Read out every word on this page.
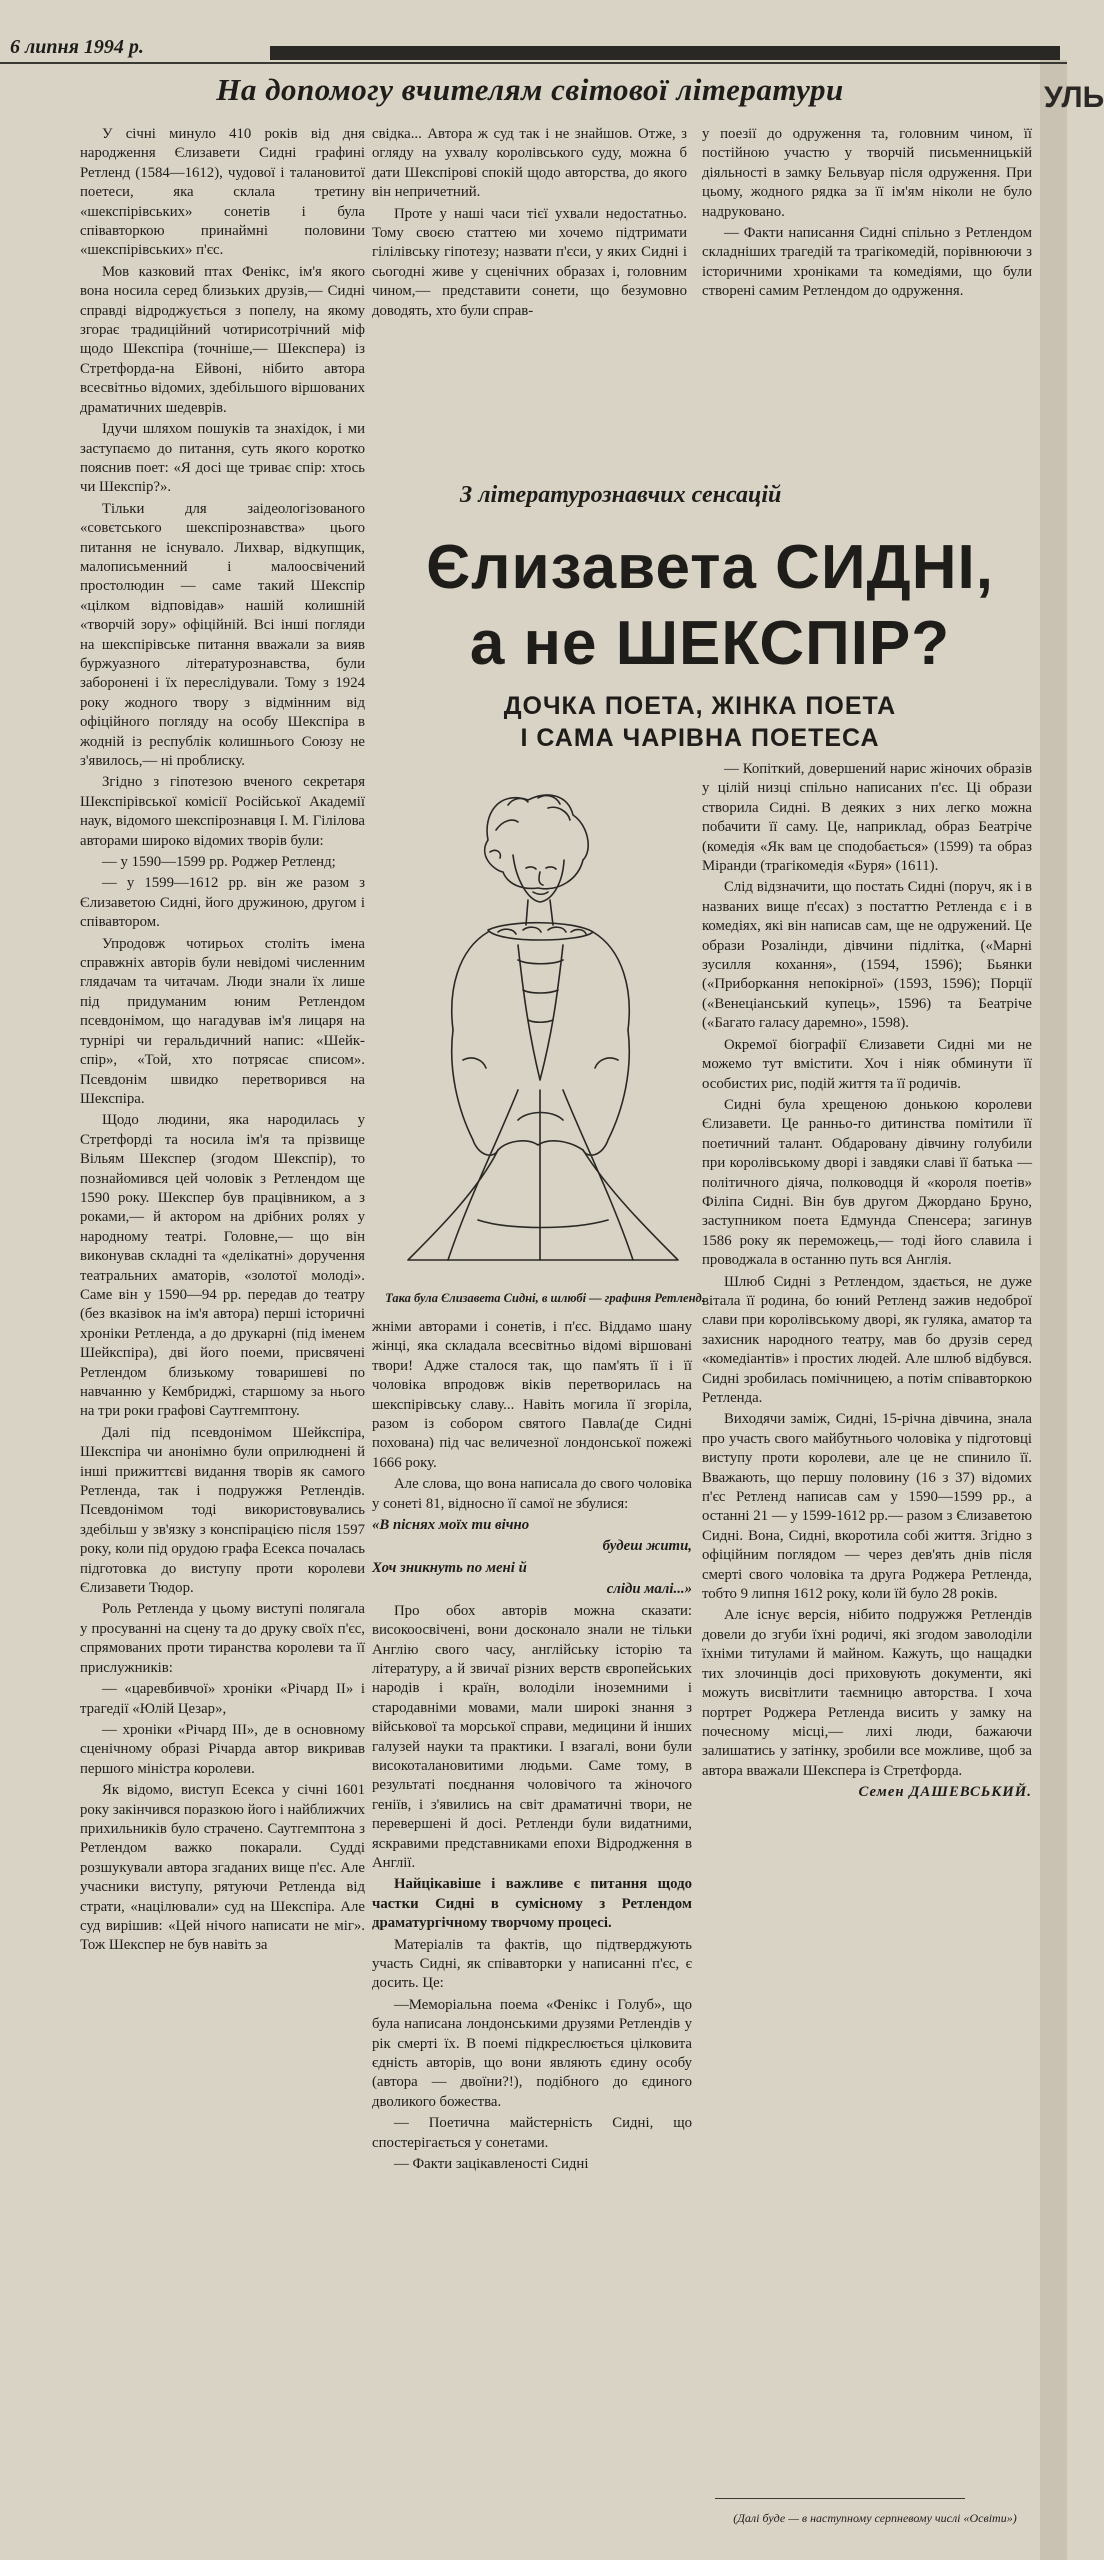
УЛЬ
6 липня 1994 р.
На допомогу вчителям світової літератури

У січні минуло 410 років від дня народження Єлизавети Сидні графині Ретленд (1584—1612), чудової і талановитої поетеси, яка склала третину «шекспірівських» сонетів і була співавторкою принаймні половини «шекспірівських» п'єс.

Мов казковий птах Фенікс, ім'я якого вона носила серед близьких друзів,— Сидні справді відроджується з попелу, на якому згорає традиційний чотирисотрічний міф щодо Шекспіра (точніше,— Шексперa) із Стретфорда-на Ейвоні, нібито автора всесвітньо відомих, здебільшого віршованих драматичних шедеврів.

Ідучи шляхом пошуків та знахідок, і ми заступаємо до питання, суть якого коротко пояснив поет: «Я досі ще триває спір: хтось чи Шекспір?».

Тільки для заідеологізованого «совєтського шекспірознавства» цього питання не існувало. Лихвар, відкупщик, малописьменний і малоосвічений простолюдин — саме такий Шекспір «цілком відповідав» нашій колишній «творчій зору» офіційній. Всі інші погляди на шекспірівське питання вважали за вияв буржуазного літературознавства, були заборонені і їх переслідували. Тому з 1924 року жодного твору з відмінним від офіційного погляду на особу Шекспіра в жодній із республік колишнього Союзу не з'явилось,— ні проблиску.

Згідно з гіпотезою вченого секретаря Шекспірівської комісії Російської Академії наук, відомого шекспірознавця І. М. Гілілова авторами широко відомих творів були:

— у 1590—1599 рр. Роджер Ретленд;

— у 1599—1612 рр. він же разом з Єлизаветою Сидні, його дружиною, другом і співавтором.

Упродовж чотирьох століть імена справжніх авторів були невідомі численним глядачам та читачам. Люди знали їх лише під придуманим юним Ретлендом псевдонімом, що нагадував ім'я лицаря на турнірі чи геральдичний напис: «Шейк-спір», «Той, хто потрясає списом». Псевдонім швидко перетворився на Шекспіра.

Щодо людини, яка народилась у Стретфорді та носила ім'я та прізвище Вільям Шекспер (згодом Шекспір), то познайомився цей чоловік з Ретлендом ще 1590 року. Шекспер був працівником, а з роками,— й актором на дрібних ролях у народному театрі. Головне,— що він виконував складні та «делікатні» доручення театральних аматорів, «золотої молоді». Саме він у 1590—94 рр. передав до театру (без вказівок на ім'я автора) перші історичні хроніки Ретленда, а до друкарні (під іменем Шейкспіра), дві його поеми, присвячені Ретлендом близькому товаришеві по навчанню у Кембриджі, старшому за нього на три роки графові Саутгемптону.

Далі під псевдонімом Шейкспіра, Шекспіра чи анонімно були оприлюднені й інші прижиттєві видання творів як самого Ретленда, так і подружжя Ретлендів. Псевдонімом тоді використовувались здебільш у зв'язку з конспірацією після 1597 року, коли під орудою графа Есекса почалась підготовка до виступу проти королеви Єлизавети Тюдор.

Роль Ретленда у цьому виступі полягала у просуванні на сцену та до друку своїх п'єс, спрямованих проти тиранства королеви та її прислужників:

— «царевбивчої» хроніки «Річард II» і трагедії «Юлій Цезар»,

— хроніки «Річард III», де в основному сценічному образі Річарда автор викривав першого міністра королеви.

Як відомо, виступ Есекса у січні 1601 року закінчився поразкою його і найближчих прихильників було страчено. Саутгемптона з Ретлендом важко покарали. Судді розшукували автора згаданих вище п'єс. Але учасники виступу, рятуючи Ретленда від страти, «націлювали» суд на Шекспіра. Але суд вирішив: «Цей нічого написати не міг». Тож Шекспер не був навіть за

свідка... Автора ж суд так і не знайшов. Отже, з огляду на ухвалу королівського суду, можна б дати Шекспірові спокій щодо авторства, до якого він непричетний.

Проте у наші часи тієї ухвали недостатньо. Тому своєю статтею ми хочемо підтримати гілілівську гіпотезу; назвати п'єси, у яких Сидні і сьогодні живе у сценічних образах і, головним чином,— представити сонети, що безумовно доводять, хто були справ-

у поезії до одруження та, головним чином, її постійною участю у творчій письменницькій діяльності в замку Бельвуар після одруження. При цьому, жодного рядка за її ім'ям ніколи не було надруковано.

— Факти написання Сидні спільно з Ретлендом складніших трагедій та трагікомедій, порівнюючи з історичними хроніками та комедіями, що були створені самим Ретлендом до одруження.

З літературознавчих сенсацій
Єлизавета СИДНІ,
а не ШЕКСПІР?
ДОЧКА ПОЕТА, ЖІНКА ПОЕТА
І САМА ЧАРІВНА ПОЕТЕСА
Така була Єлизавета Сидні, в шлюбі — графиня Ретленд.

жніми авторами і сонетів, і п'єс. Віддамо шану жінці, яка складала всесвітньо відомі віршовані твори! Адже сталося так, що пам'ять її і її чоловіка впродовж віків перетворилась на шекспірівську славу... Навіть могила її згоріла, разом із собором святого Павла(де Сидні похована) під час величезної лондонської пожежі 1666 року.

Але слова, що вона написала до свого чоловіка у сонеті 81, відносно її самої не збулися:

«В піснях моїх ти вічно

будеш жити,

Хоч зникнуть по мені й

сліди малі...»

Про обох авторів можна сказати: високоосвічені, вони досконало знали не тільки Англію свого часу, англійську історію та літературу, а й звичаї різних верств європейських народів і країн, володіли іноземними і стародавніми мовами, мали широкі знання з військової та морської справи, медицини й інших галузей науки та практики. І взагалі, вони були високоталановитими людьми. Саме тому, в результаті поєднання чоловічого та жіночого геніїв, і з'явились на світ драматичні твори, не перевершені й досі. Ретленди були видатними, яскравими представниками епохи Відродження в Англії.

Найцікавіше і важливе є питання щодо частки Сидні в сумісному з Ретлендом драматургічному творчому процесі.

Матеріалів та фактів, що підтверджують участь Сидні, як співавторки у написанні п'єс, є досить. Це:

—Меморіальна поема «Фенікс і Голуб», що була написана лондонськими друзями Ретлендів у рік смерті їх. В поемі підкреслюється цілковита єдність авторів, що вони являють єдину особу (автора — двоїни?!), подібного до єдиного дволикого божества.

— Поетична майстерність Сидні, що спостерігається у сонетами.

— Факти зацікавленості Сидні

— Копіткий, довершений нарис жіночих образів у цілій низці спільно написаних п'єс. Ці образи створила Сидні. В деяких з них легко можна побачити її саму. Це, наприклад, образ Беатріче (комедія «Як вам це сподобається» (1599) та образ Міранди (трагікомедія «Буря» (1611).

Слід відзначити, що постать Сидні (поруч, як і в названих вище п'єсах) з постаттю Ретленда є і в комедіях, які він написав сам, ще не одружений. Це образи Розалінди, дівчини підлітка, («Марні зусилля кохання», (1594, 1596); Бьянки («Приборкання непокірної» (1593, 1596); Порції («Венеціанський купець», 1596) та Беатріче («Багато галасу даремно», 1598).

Окремої біографії Єлизавети Сидні ми не можемо тут вмістити. Хоч і ніяк обминути її особистих рис, подій життя та її родичів.

Сидні була хрещеною донькою королеви Єлизавети. Це ранньо-го дитинства помітили її поетичний талант. Обдаровану дівчину голубили при королівському дворі і завдяки славі її батька — політичного діяча, полководця й «короля поетів» Філіпа Сидні. Він був другом Джордано Бруно, заступником поета Едмунда Спенсера; загинув 1586 року як переможець,— тоді його славила і проводжала в останню путь вся Англія.

Шлюб Сидні з Ретлендом, здається, не дуже вітала її родина, бо юний Ретленд зажив недоброї слави при королівському дворі, як гуляка, аматор та захисник народного театру, мав бо друзів серед «комедіантів» і простих людей. Але шлюб відбувся. Сидні зробилась помічницею, а потім співавторкою Ретленда.

Виходячи заміж, Сидні, 15-річна дівчина, знала про участь свого майбутнього чоловіка у підготовці виступу проти королеви, але це не спинило її. Вважають, що першу половину (16 з 37) відомих п'єс Ретленд написав сам у 1590—1599 рр., а останні 21 — у 1599-1612 рр.— разом з Єлизаветою Сидні. Вона, Сидні, вкоротила собі життя. Згідно з офіційним поглядом — через дев'ять днів після смерті свого чоловіка та друга Роджера Ретленда, тобто 9 липня 1612 року, коли їй було 28 років.

Але існує версія, нібито подружжя Ретлендів довели до згуби їхні родичі, які згодом заволоділи їхніми титулами й майном. Кажуть, що нащадки тих злочинців досі приховують документи, які можуть висвітлити таємницю авторства. І хоча портрет Роджера Ретленда висить у замку на почесному місці,— лихі люди, бажаючи залишатись у затінку, зробили все можливе, щоб за автора вважали Шекспера із Стретфорда.

Семен ДАШЕВСЬКИЙ.

(Далі буде — в наступному серпневому числі «Освіти»)
